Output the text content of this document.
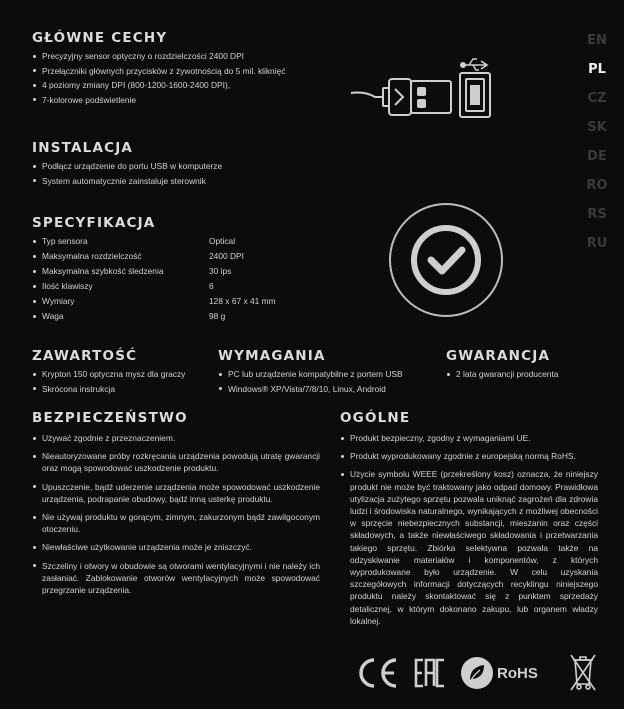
EN
PL
CZ
SK
DE
RO
RS
RU
GŁÓWNE CECHY
Precyzyjny sensor optyczny o rozdzielczości 2400 DPI
Przełączniki głównych przycisków z żywotnością do 5 mil. kliknięć
4 poziomy zmiany DPI (800-1200-1600-2400 DPI),
7-kolorowe podświetlenie
INSTALACJA
Podłącz urządzenie do portu USB w komputerze
System automatycznie zainstaluje sterownik
SPECYFIKACJA
Typ sensora	Optical
Maksymalna rozdzielczość	2400 DPI
Maksymalna szybkość śledzenia	30 ips
Ilość klawiszy	6
Wymiary	128 x 67 x 41 mm
Waga	98 g
ZAWARTOŚĆ
Krypton 150 optyczna mysz dla graczy
Skrócona instrukcja
WYMAGANIA
PC lub urządzenie kompatybilne z portem USB
Windows® XP/Vista/7/8/10, Linux, Android
GWARANCJA
2 lata gwarancji producenta
BEZPIECZEŃSTWO
Używać zgodnie z przeznaczeniem.
Nieautoryzowane próby rozkręcania urządzenia powodują utratę gwarancji oraz mogą spowodować uszkodzenie produktu.
Upuszczenie, bądź uderzenie urządzenia może spowodować uszkodzenie urządzenia, podrapanie obudowy, bądź inną usterkę produktu.
Nie używaj produktu w gorącym, zimnym, zakurzonym bądź zawilgoconym otoczeniu.
Niewłaściwe użytkowanie urządzenia może je zniszczyć.
Szczeliny i otwory w obudowie są otworami wentylacyjnymi i nie należy ich zasłaniać. Zablokowanie otworów wentylacyjnych może spowodować przegrzanie urządzenia.
OGÓLNE
Produkt bezpieczny, zgodny z wymaganiami UE.
Produkt wyprodukowany zgodnie z europejską normą RoHS.
Użycie symbolu WEEE (przekreślony kosz) oznacza, że niniejszy produkt nie może być traktowany jako odpad domowy. Prawidłowa utylizacja zużytego sprzętu pozwala uniknąć zagrożeń dla zdrowia ludzi i środowiska naturalnego, wynikających z możliwej obecności w sprzęcie niebezpiecznych substancji, mieszanin oraz części składowych, a także niewłaściwego składowania i przetwarzania takiego sprzętu. Zbiórka selektywna pozwala także na odzyskiwanie materiałów i komponentów, z których wyprodukowane było urządzenie. W celu uzyskania szczegółowych informacji dotyczących recyklingu niniejszego produktu należy skontaktować się z punktem sprzedaży detalicznej, w którym dokonano zakupu, lub organem władzy lokalnej.
RoHS
